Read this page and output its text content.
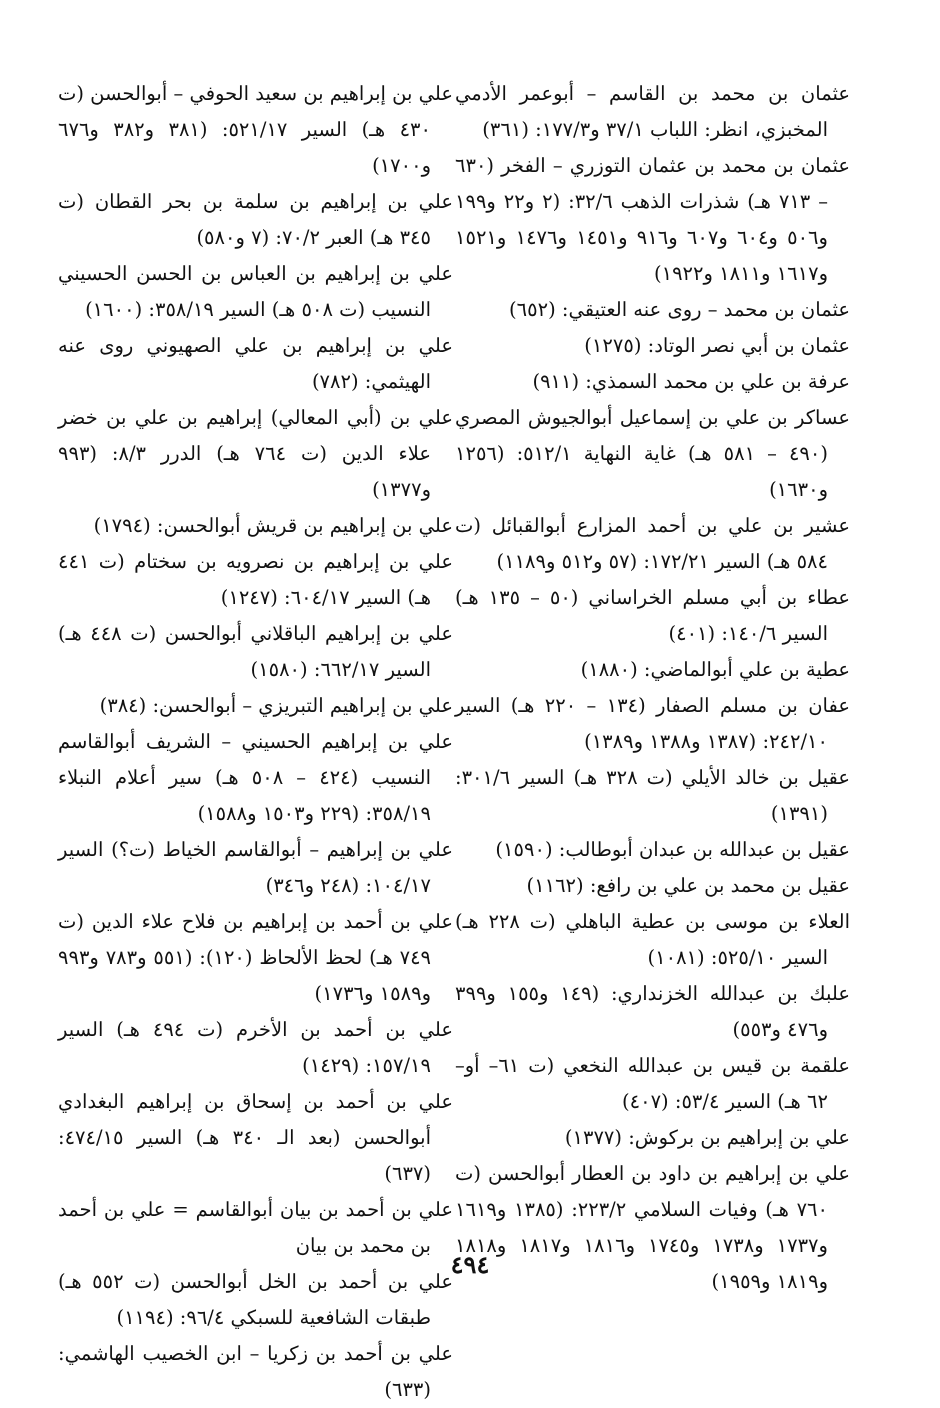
عثمان بن محمد بن القاسم – أبوعمر الأدمي المخبزي، انظر: اللباب ٣٧/١ و١٧٧/٣: (٣٦١)

عثمان بن محمد بن عثمان التوزري – الفخر (٦٣٠ – ٧١٣ هـ) شذرات الذهب ٣٢/٦: (٢ و٢٢ و١٩٩ و٥٠٦ و٦٠٤ و٦٠٧ و٩١٦ و١٤٥١ و١٤٧٦ و١٥٢١ و١٦١٧ و١٨١١ و١٩٢٢)

عثمان بن محمد – روى عنه العتيقي: (٦٥٢)

عثمان بن أبي نصر الوتاد: (١٢٧٥)

عرفة بن علي بن محمد السمذي: (٩١١)

عساكر بن علي بن إسماعيل أبوالجيوش المصري (٤٩٠ – ٥٨١ هـ) غاية النهاية ٥١٢/١: (١٢٥٦ و١٦٣٠)

عشير بن علي بن أحمد المزارع أبوالقبائل (ت ٥٨٤ هـ) السير ١٧٢/٢١: (٥٧ و٥١٢ و١١٨٩)

عطاء بن أبي مسلم الخراساني (٥٠ – ١٣٥ هـ) السير ١٤٠/٦: (٤٠١)

عطية بن علي أبوالماضي: (١٨٨٠)

عفان بن مسلم الصفار (١٣٤ – ٢٢٠ هـ) السير ٢٤٢/١٠: (١٣٨٧ و١٣٨٨ و١٣٨٩)

عقيل بن خالد الأيلي (ت ٣٢٨ هـ) السير ٣٠١/٦: (١٣٩١)

عقيل بن عبدالله بن عبدان أبوطالب: (١٥٩٠)

عقيل بن محمد بن علي بن رافع: (١١٦٢)

العلاء بن موسى بن عطية الباهلي (ت ٢٢٨ هـ) السير ٥٢٥/١٠: (١٠٨١)

علبك بن عبدالله الخزنداري: (١٤٩ و١٥٥ و٣٩٩ و٤٧٦ و٥٥٣)

علقمة بن قيس بن عبدالله النخعي (ت ٦١– أو– ٦٢ هـ) السير ٥٣/٤: (٤٠٧)

علي بن إبراهيم بن بركوش: (١٣٧٧)

علي بن إبراهيم بن داود بن العطار أبوالحسن (ت ٧٦٠ هـ) وفيات السلامي ٢٢٣/٢: (١٣٨٥ و١٦١٩ و١٧٣٧ و١٧٣٨ و١٧٤٥ و١٨١٦ و١٨١٧ و١٨١٨ و١٨١٩ و١٩٥٩)

علي بن إبراهيم بن سعيد الحوفي – أبوالحسن (ت ٤٣٠ هـ) السير ٥٢١/١٧: (٣٨١ و٣٨٢ و٦٧٦ و١٧٠٠)

علي بن إبراهيم بن سلمة بن بحر القطان (ت ٣٤٥ هـ) العبر ٧٠/٢: (٧ و٥٨٠)

علي بن إبراهيم بن العباس بن الحسن الحسيني النسيب (ت ٥٠٨ هـ) السير ٣٥٨/١٩: (١٦٠٠)

علي بن إبراهيم بن علي الصهيوني روى عنه الهيثمي: (٧٨٢)

علي بن (أبي المعالي) إبراهيم بن علي بن خضر علاء الدين (ت ٧٦٤ هـ) الدرر ٨/٣: (٩٩٣ و١٣٧٧)

علي بن إبراهيم بن قريش أبوالحسن: (١٧٩٤)

علي بن إبراهيم بن نصرويه بن سختام (ت ٤٤١ هـ) السير ٦٠٤/١٧: (١٢٤٧)

علي بن إبراهيم الباقلاني أبوالحسن (ت ٤٤٨ هـ) السير ٦٦٢/١٧: (١٥٨٠)

علي بن إبراهيم التبريزي – أبوالحسن: (٣٨٤)

علي بن إبراهيم الحسيني – الشريف أبوالقاسم النسيب (٤٢٤ – ٥٠٨ هـ) سير أعلام النبلاء ٣٥٨/١٩: (٢٢٩ و١٥٠٣ و١٥٨٨)

علي بن إبراهيم – أبوالقاسم الخياط (ت؟) السير ١٠٤/١٧: (٢٤٨ و٣٤٦)

علي بن أحمد بن إبراهيم بن فلاح علاء الدين (ت ٧٤٩ هـ) لحظ الألحاظ (١٢٠): (٥٥١ و٧٨٣ و٩٩٣ و١٥٨٩ و١٧٣٦)

علي بن أحمد بن الأخرم (ت ٤٩٤ هـ) السير ١٥٧/١٩: (١٤٢٩)

علي بن أحمد بن إسحاق بن إبراهيم البغدادي أبوالحسن (بعد الـ ٣٤٠ هـ) السير ٤٧٤/١٥: (٦٣٧)

علي بن أحمد بن بيان أبوالقاسم = علي بن أحمد بن محمد بن بيان

علي بن أحمد بن الخل أبوالحسن (ت ٥٥٢ هـ) طبقات الشافعية للسبكي ٩٦/٤: (١١٩٤)

علي بن أحمد بن زكريا – ابن الخصيب الهاشمي: (٦٣٣)

٤٩٤
